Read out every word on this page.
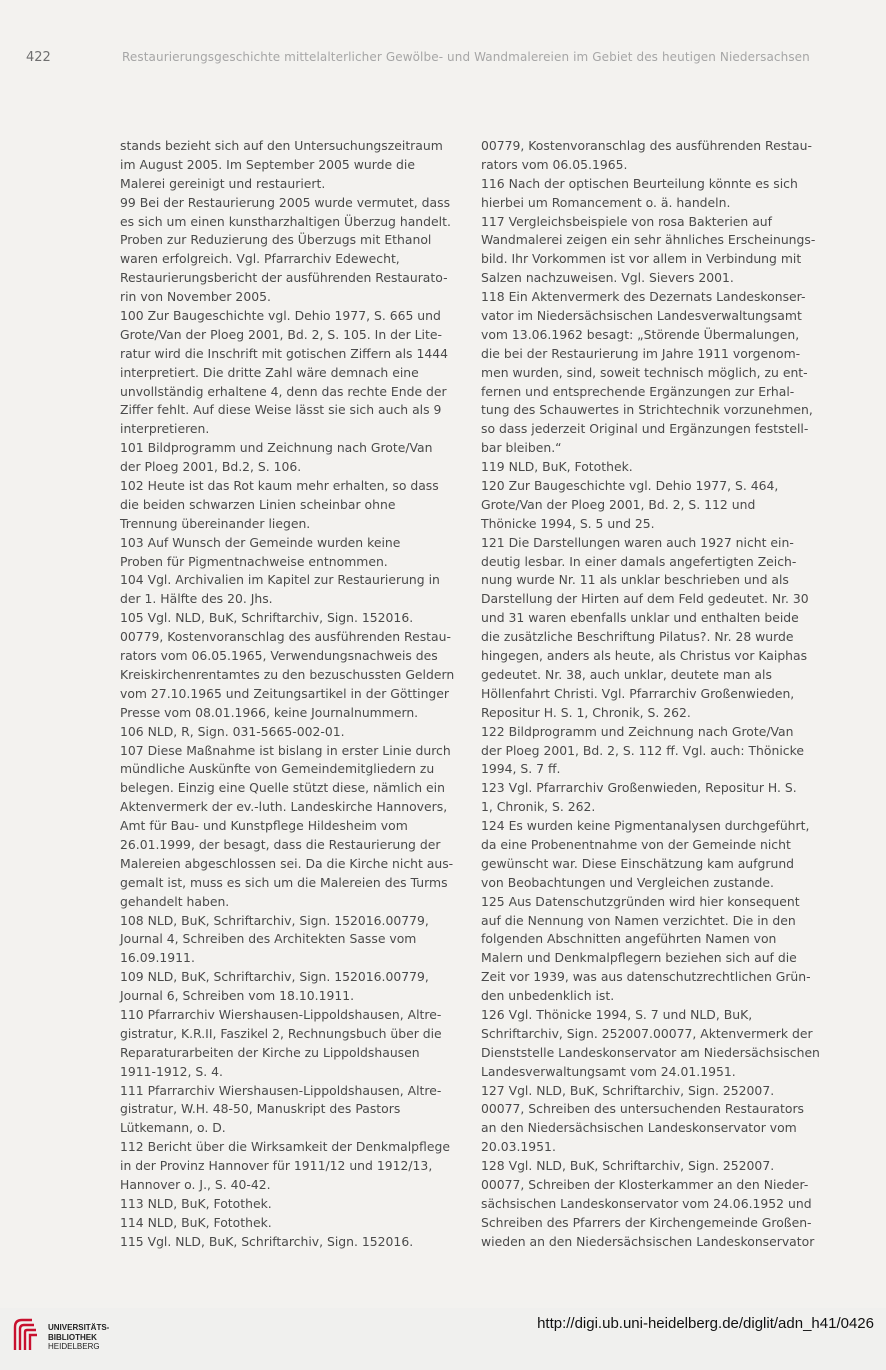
422	Restaurierungsgeschichte mittelalterlicher Gewölbe- und Wandmalereien im Gebiet des heutigen Niedersachsen
stands bezieht sich auf den Untersuchungszeitraum
im August 2005. Im September 2005 wurde die
Malerei gereinigt und restauriert.
99 Bei der Restaurierung 2005 wurde vermutet, dass
es sich um einen kunstharzhaltigen Überzug handelt.
Proben zur Reduzierung des Überzugs mit Ethanol
waren erfolgreich. Vgl. Pfarrarchiv Edewecht,
Restaurierungsbericht der ausführenden Restaurato-
rin von November 2005.
100 Zur Baugeschichte vgl. Dehio 1977, S. 665 und
Grote/Van der Ploeg 2001, Bd. 2, S. 105. In der Lite-
ratur wird die Inschrift mit gotischen Ziffern als 1444
interpretiert. Die dritte Zahl wäre demnach eine
unvollständig erhaltene 4, denn das rechte Ende der
Ziffer fehlt. Auf diese Weise lässt sie sich auch als 9
interpretieren.
101 Bildprogramm und Zeichnung nach Grote/Van
der Ploeg 2001, Bd.2, S. 106.
102 Heute ist das Rot kaum mehr erhalten, so dass
die beiden schwarzen Linien scheinbar ohne
Trennung übereinander liegen.
103 Auf Wunsch der Gemeinde wurden keine
Proben für Pigmentnachweise entnommen.
104 Vgl. Archivalien im Kapitel zur Restaurierung in
der 1. Hälfte des 20. Jhs.
105 Vgl. NLD, BuK, Schriftarchiv, Sign. 152016.
00779, Kostenvoranschlag des ausführenden Restau-
rators vom 06.05.1965, Verwendungsnachweis des
Kreiskirchenrentamtes zu den bezuschussten Geldern
vom 27.10.1965 und Zeitungsartikel in der Göttinger
Presse vom 08.01.1966, keine Journalnummern.
106 NLD, R, Sign. 031-5665-002-01.
107 Diese Maßnahme ist bislang in erster Linie durch
mündliche Auskünfte von Gemeindemitgliedern zu
belegen. Einzig eine Quelle stützt diese, nämlich ein
Aktenvermerk der ev.-luth. Landeskirche Hannovers,
Amt für Bau- und Kunstpflege Hildesheim vom
26.01.1999, der besagt, dass die Restaurierung der
Malereien abgeschlossen sei. Da die Kirche nicht aus-
gemalt ist, muss es sich um die Malereien des Turms
gehandelt haben.
108 NLD, BuK, Schriftarchiv, Sign. 152016.00779,
Journal 4, Schreiben des Architekten Sasse vom
16.09.1911.
109 NLD, BuK, Schriftarchiv, Sign. 152016.00779,
Journal 6, Schreiben vom 18.10.1911.
110 Pfarrarchiv Wiershausen-Lippoldshausen, Altre-
gistratur, K.R.II, Faszikel 2, Rechnungsbuch über die
Reparaturarbeiten der Kirche zu Lippoldshausen
1911-1912, S. 4.
111 Pfarrarchiv Wiershausen-Lippoldshausen, Altre-
gistratur, W.H. 48-50, Manuskript des Pastors
Lütkemann, o. D.
112 Bericht über die Wirksamkeit der Denkmalpflege
in der Provinz Hannover für 1911/12 und 1912/13,
Hannover o. J., S. 40-42.
113 NLD, BuK, Fotothek.
114 NLD, BuK, Fotothek.
115 Vgl. NLD, BuK, Schriftarchiv, Sign. 152016.
00779, Kostenvoranschlag des ausführenden Restau-
rators vom 06.05.1965.
116 Nach der optischen Beurteilung könnte es sich
hierbei um Romancement o. ä. handeln.
117 Vergleichsbeispiele von rosa Bakterien auf
Wandmalerei zeigen ein sehr ähnliches Erscheinungs-
bild. Ihr Vorkommen ist vor allem in Verbindung mit
Salzen nachzuweisen. Vgl. Sievers 2001.
118 Ein Aktenvermerk des Dezernats Landeskonser-
vator im Niedersächsischen Landesverwaltungsamt
vom 13.06.1962 besagt: „Störende Übermalungen,
die bei der Restaurierung im Jahre 1911 vorgenom-
men wurden, sind, soweit technisch möglich, zu ent-
fernen und entsprechende Ergänzungen zur Erhal-
tung des Schauwertes in Strichtechnik vorzunehmen,
so dass jederzeit Original und Ergänzungen feststell-
bar bleiben.“
119 NLD, BuK, Fotothek.
120 Zur Baugeschichte vgl. Dehio 1977, S. 464,
Grote/Van der Ploeg 2001, Bd. 2, S. 112 und
Thönicke 1994, S. 5 und 25.
121 Die Darstellungen waren auch 1927 nicht ein-
deutig lesbar. In einer damals angefertigten Zeich-
nung wurde Nr. 11 als unklar beschrieben und als
Darstellung der Hirten auf dem Feld gedeutet. Nr. 30
und 31 waren ebenfalls unklar und enthalten beide
die zusätzliche Beschriftung Pilatus?. Nr. 28 wurde
hingegen, anders als heute, als Christus vor Kaiphas
gedeutet. Nr. 38, auch unklar, deutete man als
Höllenfahrt Christi. Vgl. Pfarrarchiv Großenwieden,
Repositur H. S. 1, Chronik, S. 262.
122 Bildprogramm und Zeichnung nach Grote/Van
der Ploeg 2001, Bd. 2, S. 112 ff. Vgl. auch: Thönicke
1994, S. 7 ff.
123 Vgl. Pfarrarchiv Großenwieden, Repositur H. S.
1, Chronik, S. 262.
124 Es wurden keine Pigmentanalysen durchgeführt,
da eine Probenentnahme von der Gemeinde nicht
gewünscht war. Diese Einschätzung kam aufgrund
von Beobachtungen und Vergleichen zustande.
125 Aus Datenschutzgründen wird hier konsequent
auf die Nennung von Namen verzichtet. Die in den
folgenden Abschnitten angeführten Namen von
Malern und Denkmalpflegern beziehen sich auf die
Zeit vor 1939, was aus datenschutzrechtlichen Grün-
den unbedenklich ist.
126 Vgl. Thönicke 1994, S. 7 und NLD, BuK,
Schriftarchiv, Sign. 252007.00077, Aktenvermerk der
Dienststelle Landeskonservator am Niedersächsischen
Landesverwaltungsamt vom 24.01.1951.
127 Vgl. NLD, BuK, Schriftarchiv, Sign. 252007.
00077, Schreiben des untersuchenden Restaurators
an den Niedersächsischen Landeskonservator vom
20.03.1951.
128 Vgl. NLD, BuK, Schriftarchiv, Sign. 252007.
00077, Schreiben der Klosterkammer an den Nieder-
sächsischen Landeskonservator vom 24.06.1952 und
Schreiben des Pfarrers der Kirchengemeinde Großen-
wieden an den Niedersächsischen Landeskonservator
UNIVERSITÄTS-
BIBLIOTHEK
HEIDELBERG
http://digi.ub.uni-heidelberg.de/diglit/adn_h41/0426
